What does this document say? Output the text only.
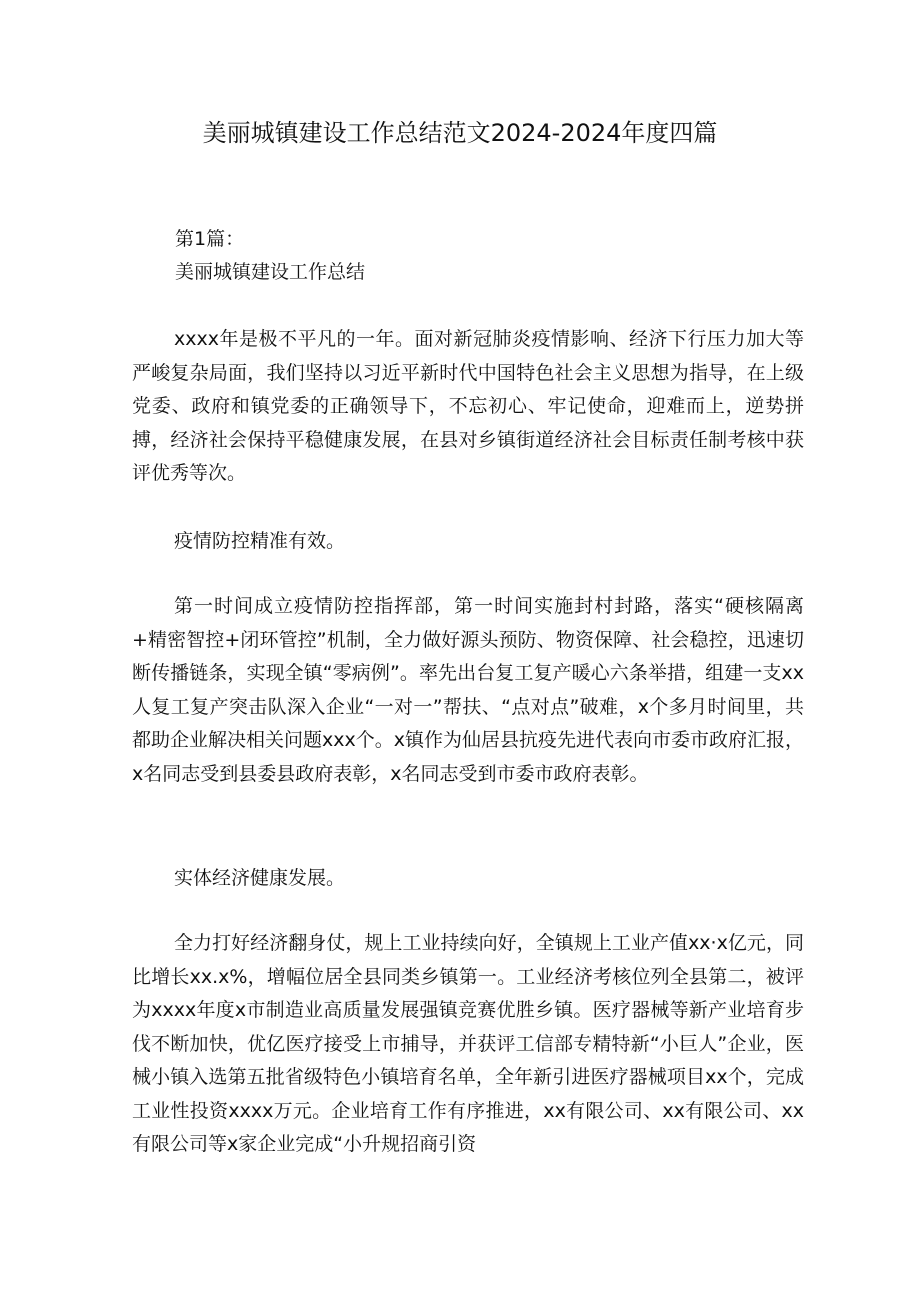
美丽城镇建设工作总结范文2024-2024年度四篇

第1篇：

美丽城镇建设工作总结

xxxx年是极不平凡的一年。面对新冠肺炎疫情影响、经济下行压力加大等严峻复杂局面，我们坚持以习近平新时代中国特色社会主义思想为指导，在上级党委、政府和镇党委的正确领导下，不忘初心、牢记使命，迎难而上，逆势拼搏，经济社会保持平稳健康发展，在县对乡镇街道经济社会目标责任制考核中获评优秀等次。

疫情防控精准有效。

第一时间成立疫情防控指挥部，第一时间实施封村封路，落实“硬核隔离+精密智控+闭环管控”机制，全力做好源头预防、物资保障、社会稳控，迅速切断传播链条，实现全镇“零病例”。率先出台复工复产暖心六条举措，组建一支xx人复工复产突击队深入企业“一对一”帮扶、“点对点”破难，x个多月时间里，共都助企业解决相关问题xxx个。x镇作为仙居县抗疫先进代表向市委市政府汇报，x名同志受到县委县政府表彰，x名同志受到市委市政府表彰。

实体经济健康发展。

全力打好经济翻身仗，规上工业持续向好，全镇规上工业产值xx·x亿元，同比增长xx.x%，增幅位居全县同类乡镇第一。工业经济考核位列全县第二，被评为xxxx年度x市制造业高质量发展强镇竞赛优胜乡镇。医疗器械等新产业培育步伐不断加快，优亿医疗接受上市捕导，并获评工信部专精特新“小巨人”企业，医械小镇入选第五批省级特色小镇培育名单，全年新引进医疗器械项目xx个，完成工业性投资xxxx万元。企业培育工作有序推进，xx有限公司、xx有限公司、xx有限公司等x家企业完成“小升规招商引资
